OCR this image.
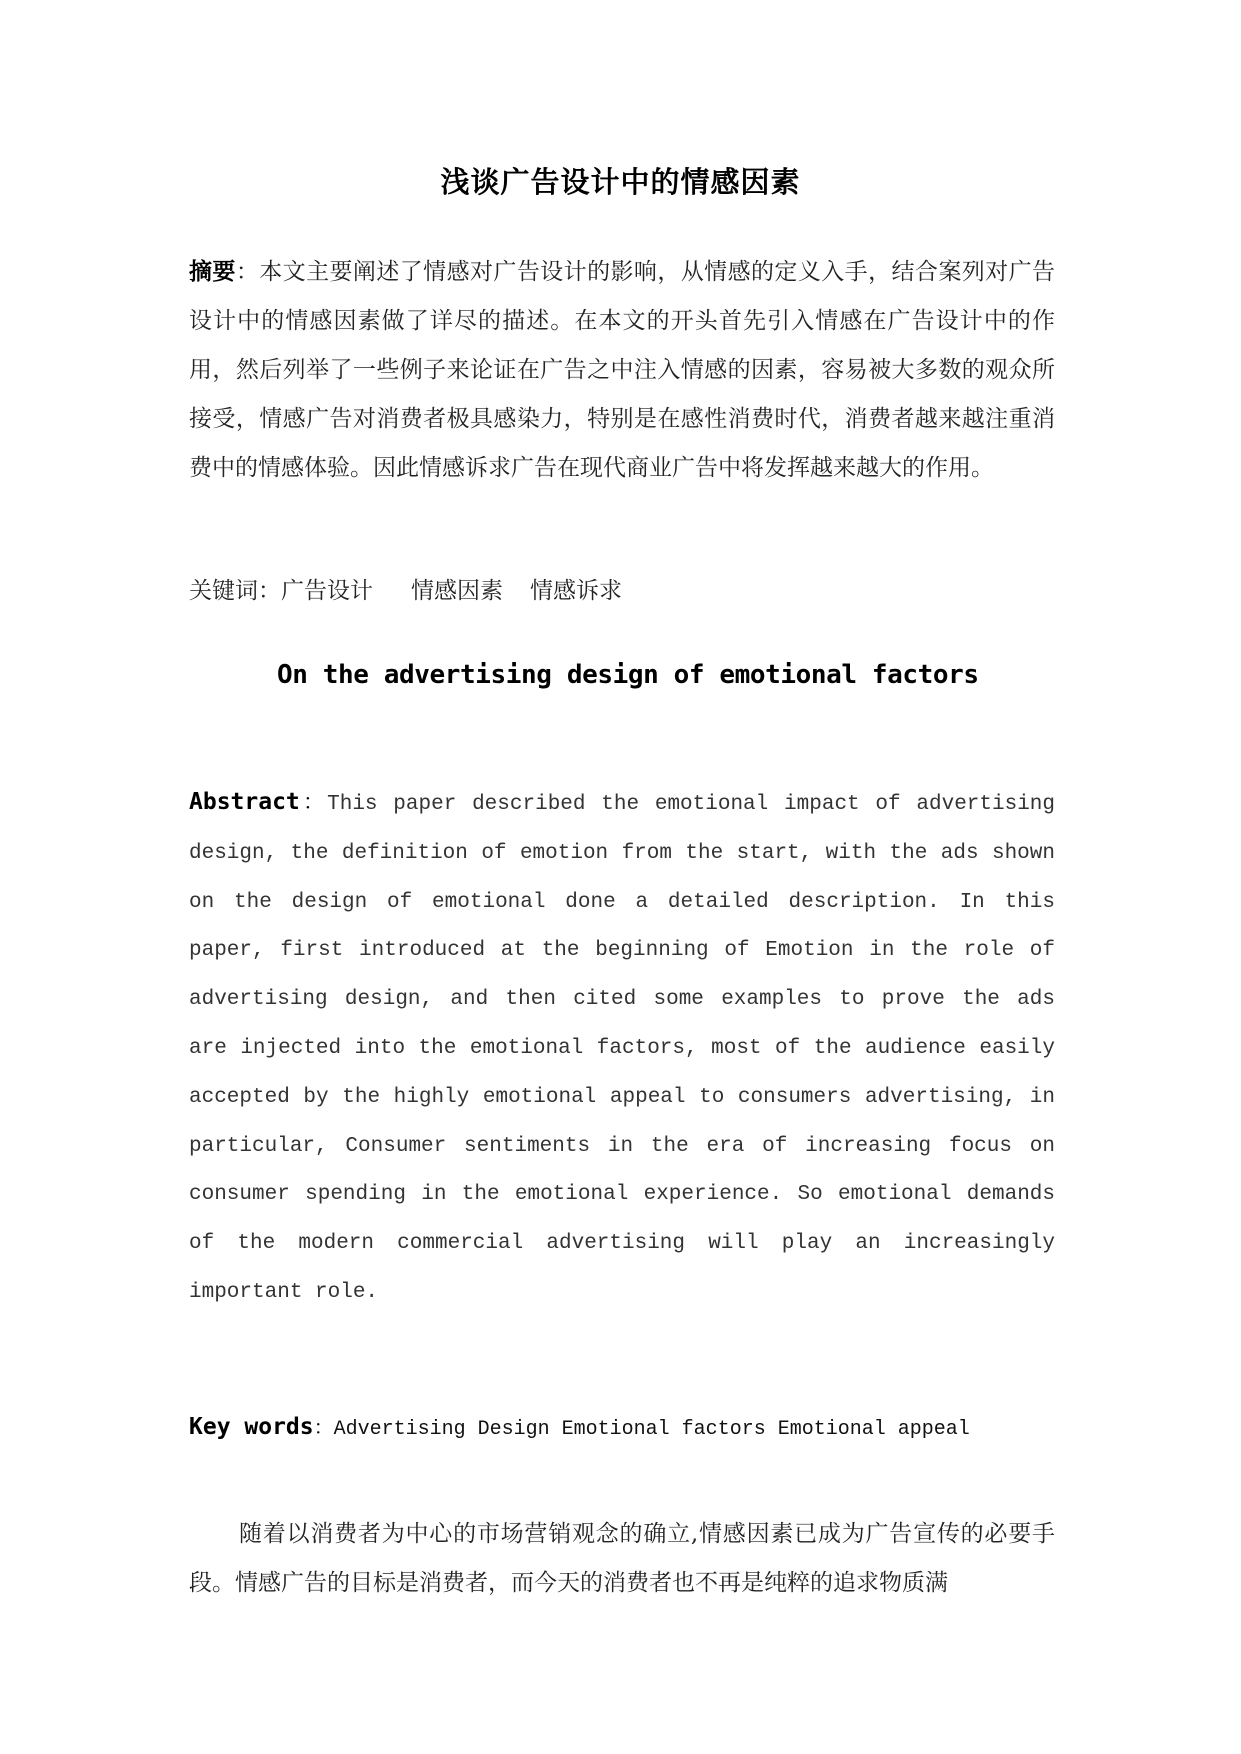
浅谈广告设计中的情感因素
摘要：本文主要阐述了情感对广告设计的影响，从情感的定义入手，结合案列对广告设计中的情感因素做了详尽的描述。在本文的开头首先引入情感在广告设计中的作用，然后列举了一些例子来论证在广告之中注入情感的因素，容易被大多数的观众所接受，情感广告对消费者极具感染力，特别是在感性消费时代，消费者越来越注重消费中的情感体验。因此情感诉求广告在现代商业广告中将发挥越来越大的作用。
关键词：广告设计 情感因素 情感诉求
On the advertising design of emotional factors
Abstract：This paper described the emotional impact of advertising design, the definition of emotion from the start, with the ads shown on the design of emotional done a detailed description. In this paper, first introduced at the beginning of Emotion in the role of advertising design, and then cited some examples to prove the ads are injected into the emotional factors, most of the audience easily accepted by the highly emotional appeal to consumers advertising, in particular, Consumer sentiments in the era of increasing focus on consumer spending in the emotional experience. So emotional demands of the modern commercial advertising will play an increasingly important role.
Key words：Advertising Design Emotional factors Emotional appeal
随着以消费者为中心的市场营销观念的确立,情感因素已成为广告宣传的必要手段。情感广告的目标是消费者，而今天的消费者也不再是纯粹的追求物质满
